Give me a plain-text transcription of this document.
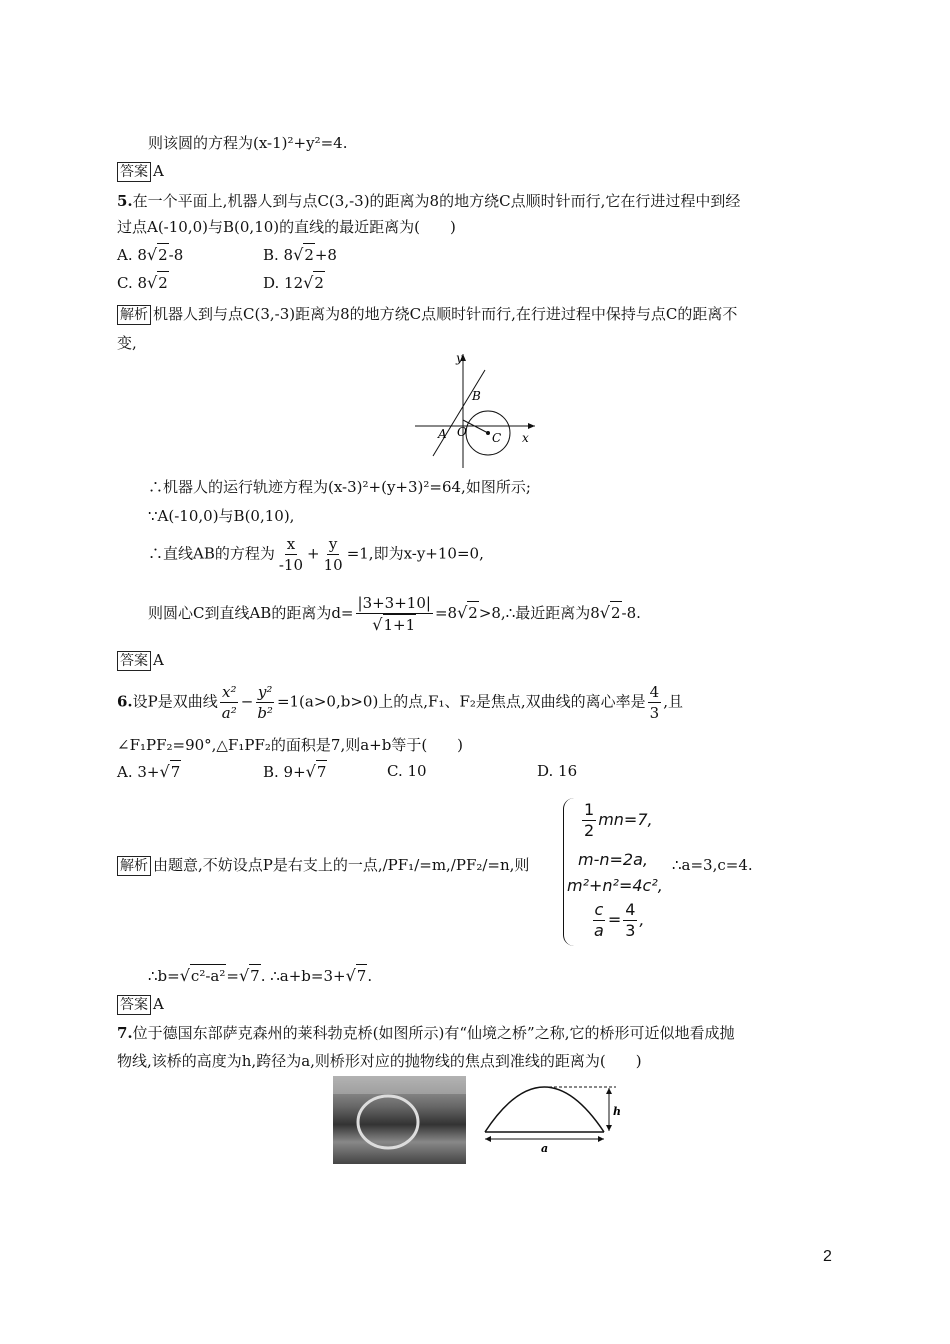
则该圆的方程为(x-1)²+y²=4.
答案 A
5.在一个平面上,机器人到与点C(3,-3)的距离为8的地方绕C点顺时针而行,它在行进过程中到经
过点A(-10,0)与B(0,10)的直线的最近距离为(　　)
A. 8√2-8	B. 8√2+8
C. 8√2	D. 12√2
解析 机器人到与点C(3,-3)距离为8的地方绕C点顺时针而行,在行进过程中保持与点C的距离不
变,
y
x
A
B
O C
∴机器人的运行轨迹方程为(x-3)²+(y+3)²=64,如图所示;
∵A(-10,0)与B(0,10),
∴直线AB的方程为 $\frac{x}{-10} + \frac{y}{10} =1$,即为x-y+10=0,
则圆心C到直线AB的距离为$d= \frac{|3+3+10|}{√1+1}$ =8√2>8,∴最近距离为8√2-8.
答案 A
6.设P是双曲线 $\frac{\text{x²}}{\text{a²}} - \frac{\text{y²}}{\text{b²}} =1(a>0,b>0)$上的点,F₁、F₂是焦点,双曲线的离心率是 $\frac{4}{3}$ ,且
∠F₁PF₂=90°,△F₁PF₂的面积是7,则a+b等于(　　)
A. 3+√7	B. 9+√7	C. 10	D. 16
解析 由题意,不妨设点P是右支上的一点,/PF₁/=m,/PF₂/=n,则
$\frac{1}{2} mn=7$,
m-n=2a,
m²+n²=4c²,
$\frac{c}{a} = \frac{4}{3}$ ,
∴a=3,c=4.
∴b=√c²-a²=√7. ∴a+b=3+√7.
答案 A
7.位于德国东部萨克森州的莱科勃克桥(如图所示)有“仙境之桥”之称,它的桥形可近似地看成抛
物线,该桥的高度为h,跨径为a,则桥形对应的抛物线的焦点到准线的距离为(　　)
h
a
2
